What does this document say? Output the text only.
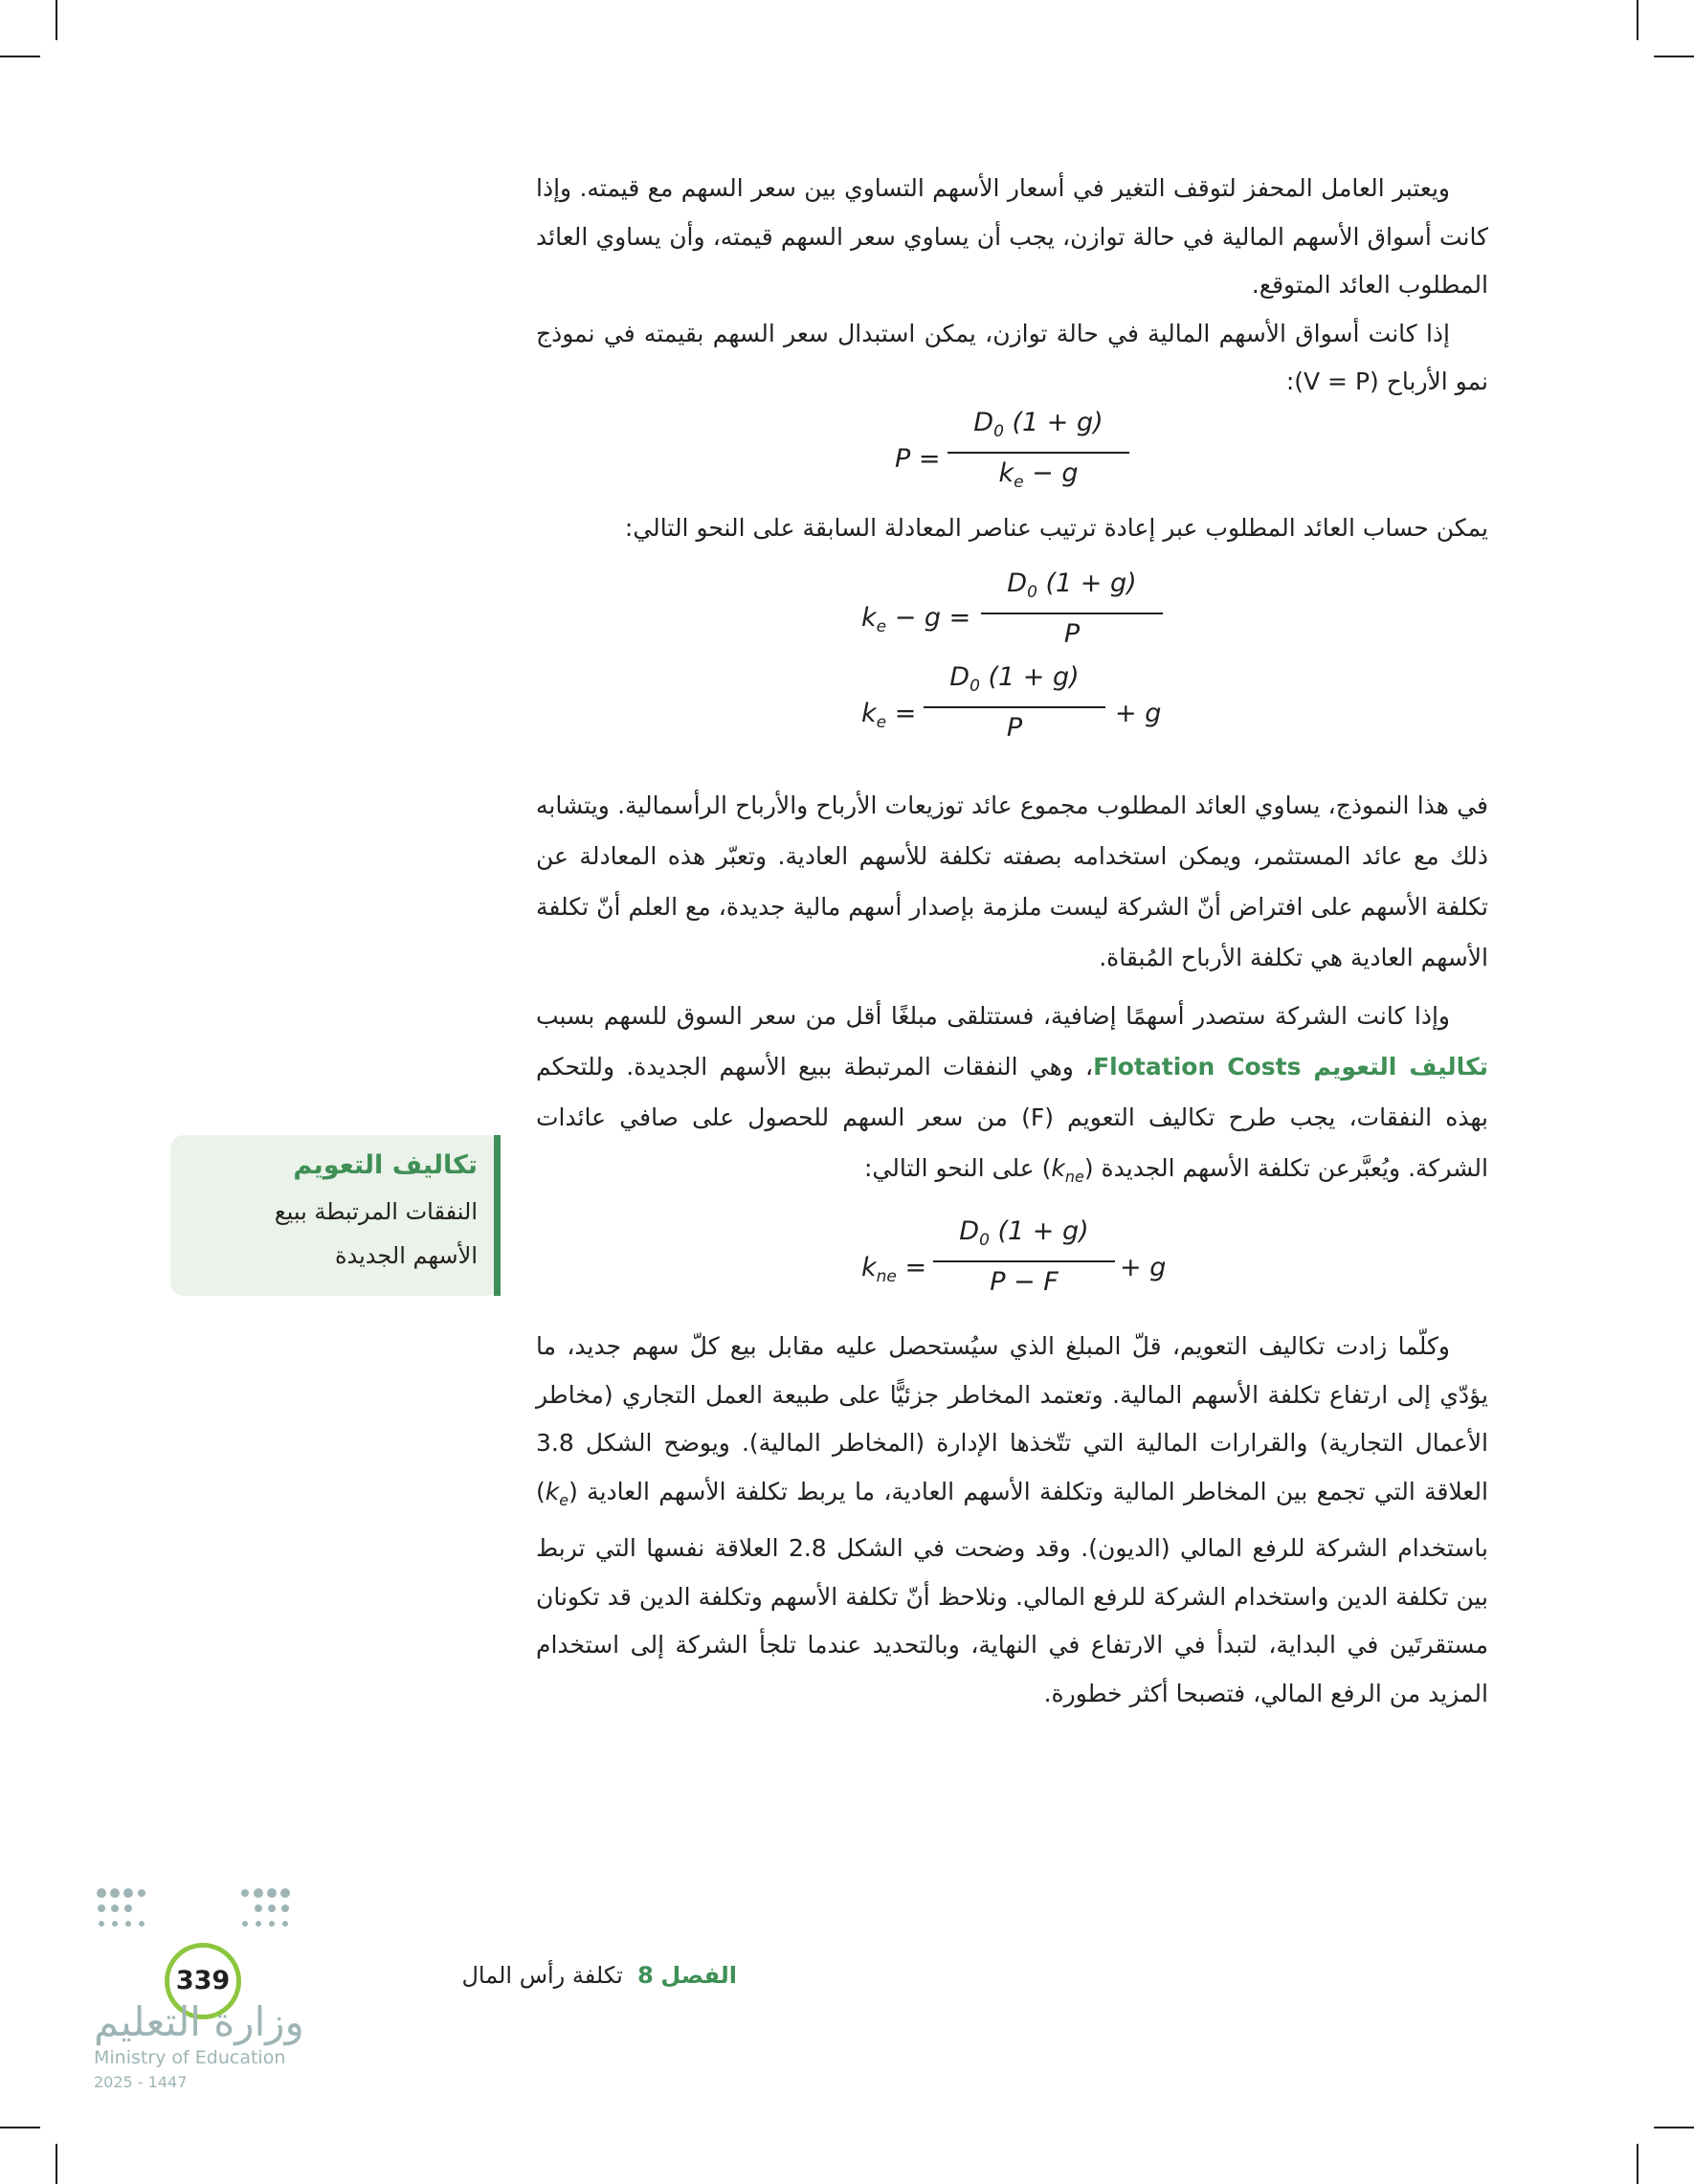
ويعتبر العامل المحفز لتوقف التغير في أسعار الأسهم التساوي بين سعر السهم مع قيمته. وإذا كانت أسواق الأسهم المالية في حالة توازن، يجب أن يساوي سعر السهم قيمته، وأن يساوي العائد المطلوب العائد المتوقع.

إذا كانت أسواق الأسهم المالية في حالة توازن، يمكن استبدال سعر السهم بقيمته في نموذج نمو الأرباح (V = P):

$P = \frac{D_0 (1 + g)}{k_e - g}$

يمكن حساب العائد المطلوب عبر إعادة ترتيب عناصر المعادلة السابقة على النحو التالي:

$k_e - g = \frac{D_0 (1 + g)}{P}$
$k_e = \frac{D_0 (1 + g)}{P} + g$

في هذا النموذج، يساوي العائد المطلوب مجموع عائد توزيعات الأرباح والأرباح الرأسمالية. ويتشابه ذلك مع عائد المستثمر، ويمكن استخدامه بصفته تكلفة للأسهم العادية. وتعبّر هذه المعادلة عن تكلفة الأسهم على افتراض أنّ الشركة ليست ملزمة بإصدار أسهم مالية جديدة، مع العلم أنّ تكلفة الأسهم العادية هي تكلفة الأرباح المُبقاة.

وإذا كانت الشركة ستصدر أسهمًا إضافية، فستتلقى مبلغًا أقل من سعر السوق للسهم بسبب تكاليف التعويم Flotation Costs، وهي النفقات المرتبطة ببيع الأسهم الجديدة. وللتحكم بهذه النفقات، يجب طرح تكاليف التعويم (F) من سعر السهم للحصول على صافي عائدات الشركة. ويُعبَّرعن تكلفة الأسهم الجديدة $(k_{ne})$ على النحو التالي:

$k_{ne} = \frac{D_0 (1 + g)}{P - F} + g$

وكلّما زادت تكاليف التعويم، قلّ المبلغ الذي سيُستحصل عليه مقابل بيع كلّ سهم جديد، ما يؤدّي إلى ارتفاع تكلفة الأسهم المالية. وتعتمد المخاطر جزئيًّا على طبيعة العمل التجاري (مخاطر الأعمال التجارية) والقرارات المالية التي تتّخذها الإدارة (المخاطر المالية). ويوضح الشكل 3.8 العلاقة التي تجمع بين المخاطر المالية وتكلفة الأسهم العادية، ما يربط تكلفة الأسهم العادية $(k_e)$ باستخدام الشركة للرفع المالي (الديون). وقد وضحت في الشكل 2.8 العلاقة نفسها التي تربط بين تكلفة الدين واستخدام الشركة للرفع المالي. ونلاحظ أنّ تكلفة الأسهم وتكلفة الدين قد تكونان مستقرتَين في البداية، لتبدأ في الارتفاع في النهاية، وبالتحديد عندما تلجأ الشركة إلى استخدام المزيد من الرفع المالي، فتصبحا أكثر خطورة.

تكاليف التعويم
النفقات المرتبطة ببيع
الأسهم الجديدة
339	الفصل 8  تكلفة رأس المال
وزارة التعليم
Ministry of Education
2025 - 1447
